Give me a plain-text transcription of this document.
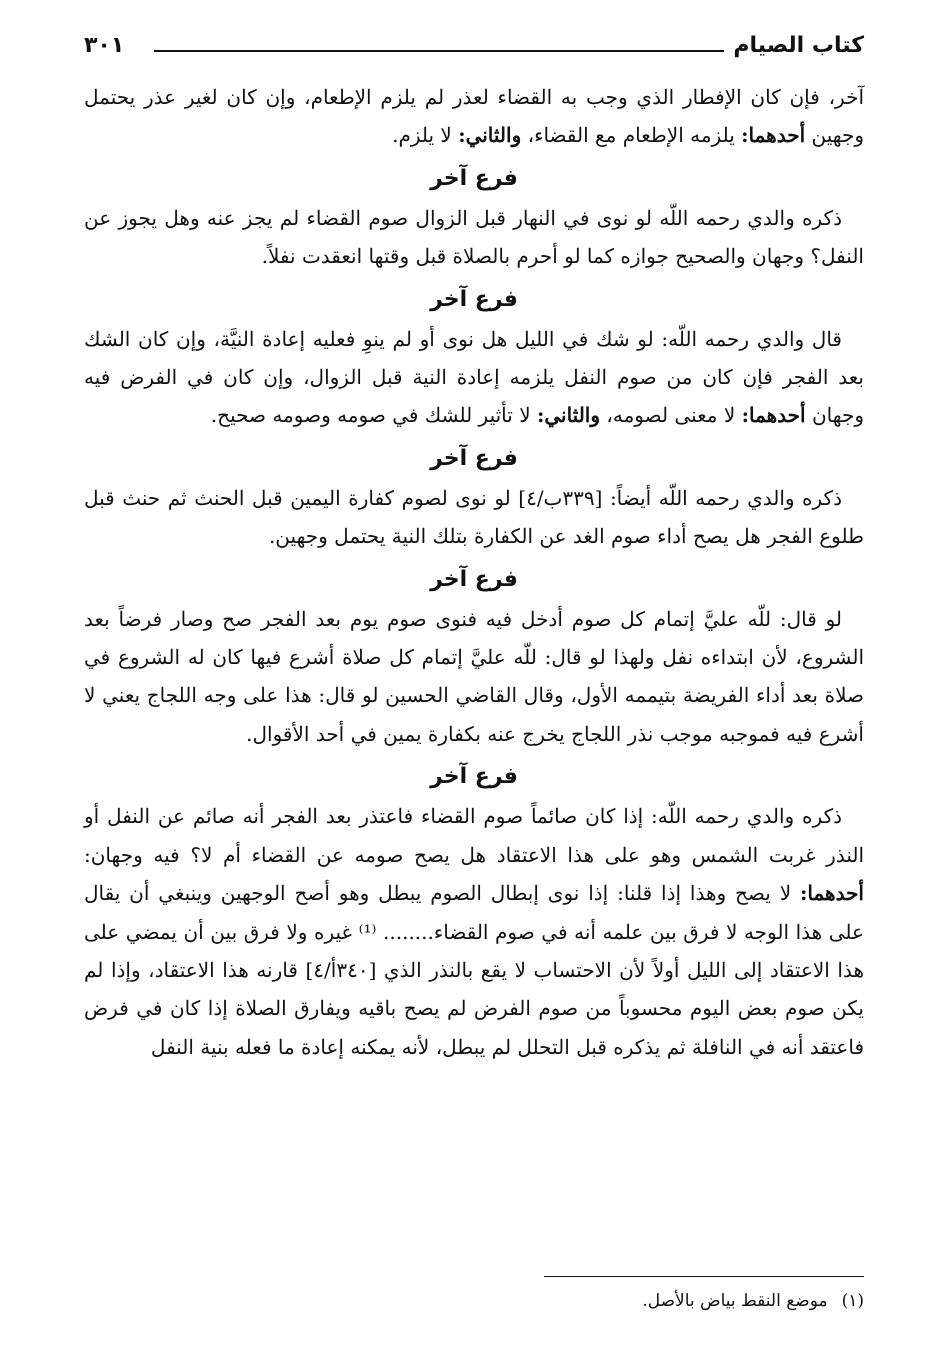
كتاب الصيام
٣٠١

آخر، فإن كان الإفطار الذي وجب به القضاء لعذر لم يلزم الإطعام، وإن كان لغير عذر يحتمل وجهين أحدهما: يلزمه الإطعام مع القضاء، والثاني: لا يلزم.

فرع آخر

ذكره والدي رحمه اللّه لو نوى في النهار قبل الزوال صوم القضاء لم يجز عنه وهل يجوز عن النفل؟ وجهان والصحيح جوازه كما لو أحرم بالصلاة قبل وقتها انعقدت نفلاً.

فرع آخر

قال والدي رحمه اللّه: لو شك في الليل هل نوى أو لم ينوِ فعليه إعادة النيَّة، وإن كان الشك بعد الفجر فإن كان من صوم النفل يلزمه إعادة النية قبل الزوال، وإن كان في الفرض فيه وجهان أحدهما: لا معنى لصومه، والثاني: لا تأثير للشك في صومه وصومه صحيح.

فرع آخر

ذكره والدي رحمه اللّه أيضاً: [٣٣٩ب/٤] لو نوى لصوم كفارة اليمين قبل الحنث ثم حنث قبل طلوع الفجر هل يصح أداء صوم الغد عن الكفارة بتلك النية يحتمل وجهين.

فرع آخر

لو قال: للّه عليَّ إتمام كل صوم أدخل فيه فنوى صوم يوم بعد الفجر صح وصار فرضاً بعد الشروع، لأن ابتداءه نفل ولهذا لو قال: للّه عليَّ إتمام كل صلاة أشرع فيها كان له الشروع في صلاة بعد أداء الفريضة بتيممه الأول، وقال القاضي الحسين لو قال: هذا على وجه اللجاج يعني لا أشرع فيه فموجبه موجب نذر اللجاج يخرج عنه بكفارة يمين في أحد الأقوال.

فرع آخر

ذكره والدي رحمه اللّه: إذا كان صائماً صوم القضاء فاعتذر بعد الفجر أنه صائم عن النفل أو النذر غربت الشمس وهو على هذا الاعتقاد هل يصح صومه عن القضاء أم لا؟ فيه وجهان: أحدهما: لا يصح وهذا إذا قلنا: إذا نوى إبطال الصوم يبطل وهو أصح الوجهين وينبغي أن يقال على هذا الوجه لا فرق بين علمه أنه في صوم القضاء........ ⁽¹⁾ غيره ولا فرق بين أن يمضي على هذا الاعتقاد إلى الليل أولاً لأن الاحتساب لا يقع بالنذر الذي [٣٤٠أ/٤] قارنه هذا الاعتقاد، وإذا لم يكن صوم بعض اليوم محسوباً من صوم الفرض لم يصح باقيه ويفارق الصلاة إذا كان في فرض فاعتقد أنه في النافلة ثم يذكره قبل التحلل لم يبطل، لأنه يمكنه إعادة ما فعله بنية النفل

(١)موضع النقط بياض بالأصل.
